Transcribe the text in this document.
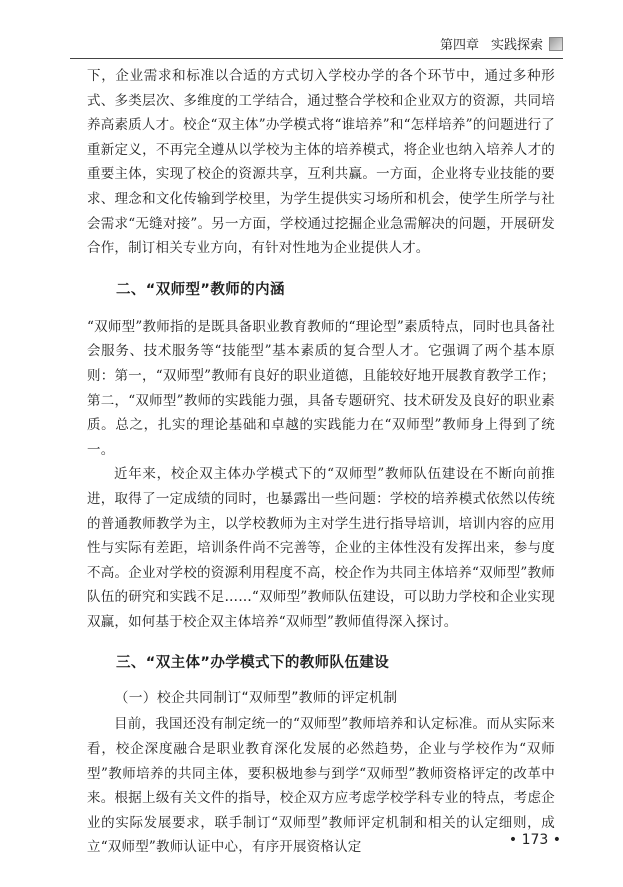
第四章 实践探索

下，企业需求和标准以合适的方式切入学校办学的各个环节中，通过多种形式、多类层次、多维度的工学结合，通过整合学校和企业双方的资源，共同培养高素质人才。校企“双主体”办学模式将“谁培养”和“怎样培养”的问题进行了重新定义，不再完全遵从以学校为主体的培养模式，将企业也纳入培养人才的重要主体，实现了校企的资源共享，互利共赢。一方面，企业将专业技能的要求、理念和文化传输到学校里，为学生提供实习场所和机会，使学生所学与社会需求“无缝对接”。另一方面，学校通过挖掘企业急需解决的问题，开展研发合作，制订相关专业方向，有针对性地为企业提供人才。

二、“双师型”教师的内涵

“双师型”教师指的是既具备职业教育教师的“理论型”素质特点，同时也具备社会服务、技术服务等“技能型”基本素质的复合型人才。它强调了两个基本原则：第一，“双师型”教师有良好的职业道德，且能较好地开展教育教学工作；第二，“双师型”教师的实践能力强，具备专题研究、技术研发及良好的职业素质。总之，扎实的理论基础和卓越的实践能力在“双师型”教师身上得到了统一。

近年来，校企双主体办学模式下的“双师型”教师队伍建设在不断向前推进，取得了一定成绩的同时，也暴露出一些问题：学校的培养模式依然以传统的普通教师教学为主，以学校教师为主对学生进行指导培训，培训内容的应用性与实际有差距，培训条件尚不完善等，企业的主体性没有发挥出来，参与度不高。企业对学校的资源利用程度不高，校企作为共同主体培养“双师型”教师队伍的研究和实践不足……“双师型”教师队伍建设，可以助力学校和企业实现双赢，如何基于校企双主体培养“双师型”教师值得深入探讨。

三、“双主体”办学模式下的教师队伍建设
（一）校企共同制订“双师型”教师的评定机制

目前，我国还没有制定统一的“双师型”教师培养和认定标准。而从实际来看，校企深度融合是职业教育深化发展的必然趋势，企业与学校作为“双师型”教师培养的共同主体，要积极地参与到学“双师型”教师资格评定的改革中来。根据上级有关文件的指导，校企双方应考虑学校学科专业的特点，考虑企业的实际发展要求，联手制订“双师型”教师评定机制和相关的认定细则，成立“双师型”教师认证中心，有序开展资格认定	• 173 •
